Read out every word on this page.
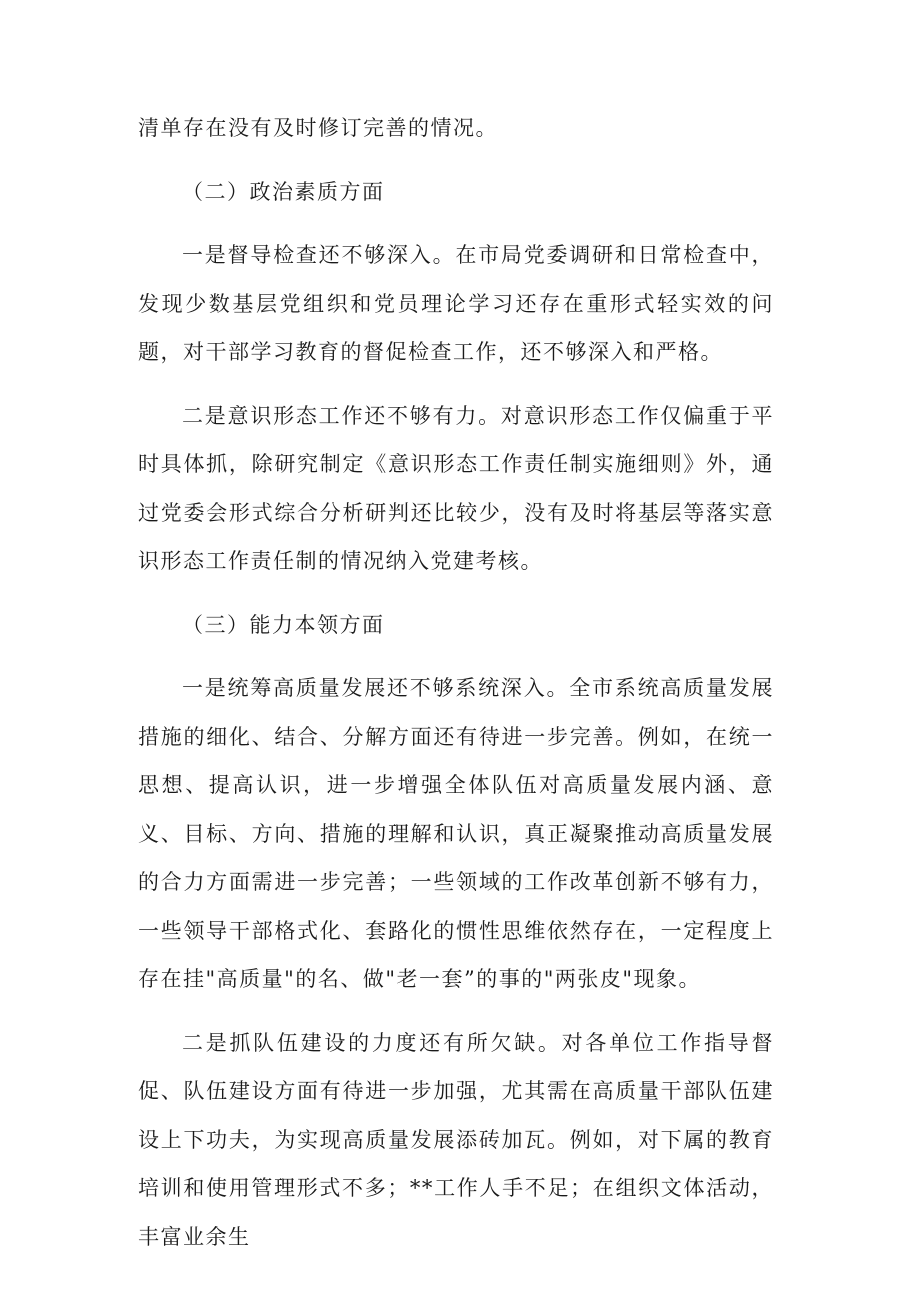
清单存在没有及时修订完善的情况。

（二）政治素质方面

一是督导检查还不够深入。在市局党委调研和日常检查中，发现少数基层党组织和党员理论学习还存在重形式轻实效的问题，对干部学习教育的督促检查工作，还不够深入和严格。

二是意识形态工作还不够有力。对意识形态工作仅偏重于平时具体抓，除研究制定《意识形态工作责任制实施细则》外，通过党委会形式综合分析研判还比较少，没有及时将基层等落实意识形态工作责任制的情况纳入党建考核。

（三）能力本领方面

一是统筹高质量发展还不够系统深入。全市系统高质量发展措施的细化、结合、分解方面还有待进一步完善。例如，在统一思想、提高认识，进一步增强全体队伍对高质量发展内涵、意义、目标、方向、措施的理解和认识，真正凝聚推动高质量发展的合力方面需进一步完善；一些领域的工作改革创新不够有力，一些领导干部格式化、套路化的惯性思维依然存在，一定程度上存在挂"高质量"的名、做"老一套”的事的"两张皮"现象。

二是抓队伍建设的力度还有所欠缺。对各单位工作指导督促、队伍建设方面有待进一步加强，尤其需在高质量干部队伍建设上下功夫，为实现高质量发展添砖加瓦。例如，对下属的教育培训和使用管理形式不多；**工作人手不足；在组织文体活动，丰富业余生
